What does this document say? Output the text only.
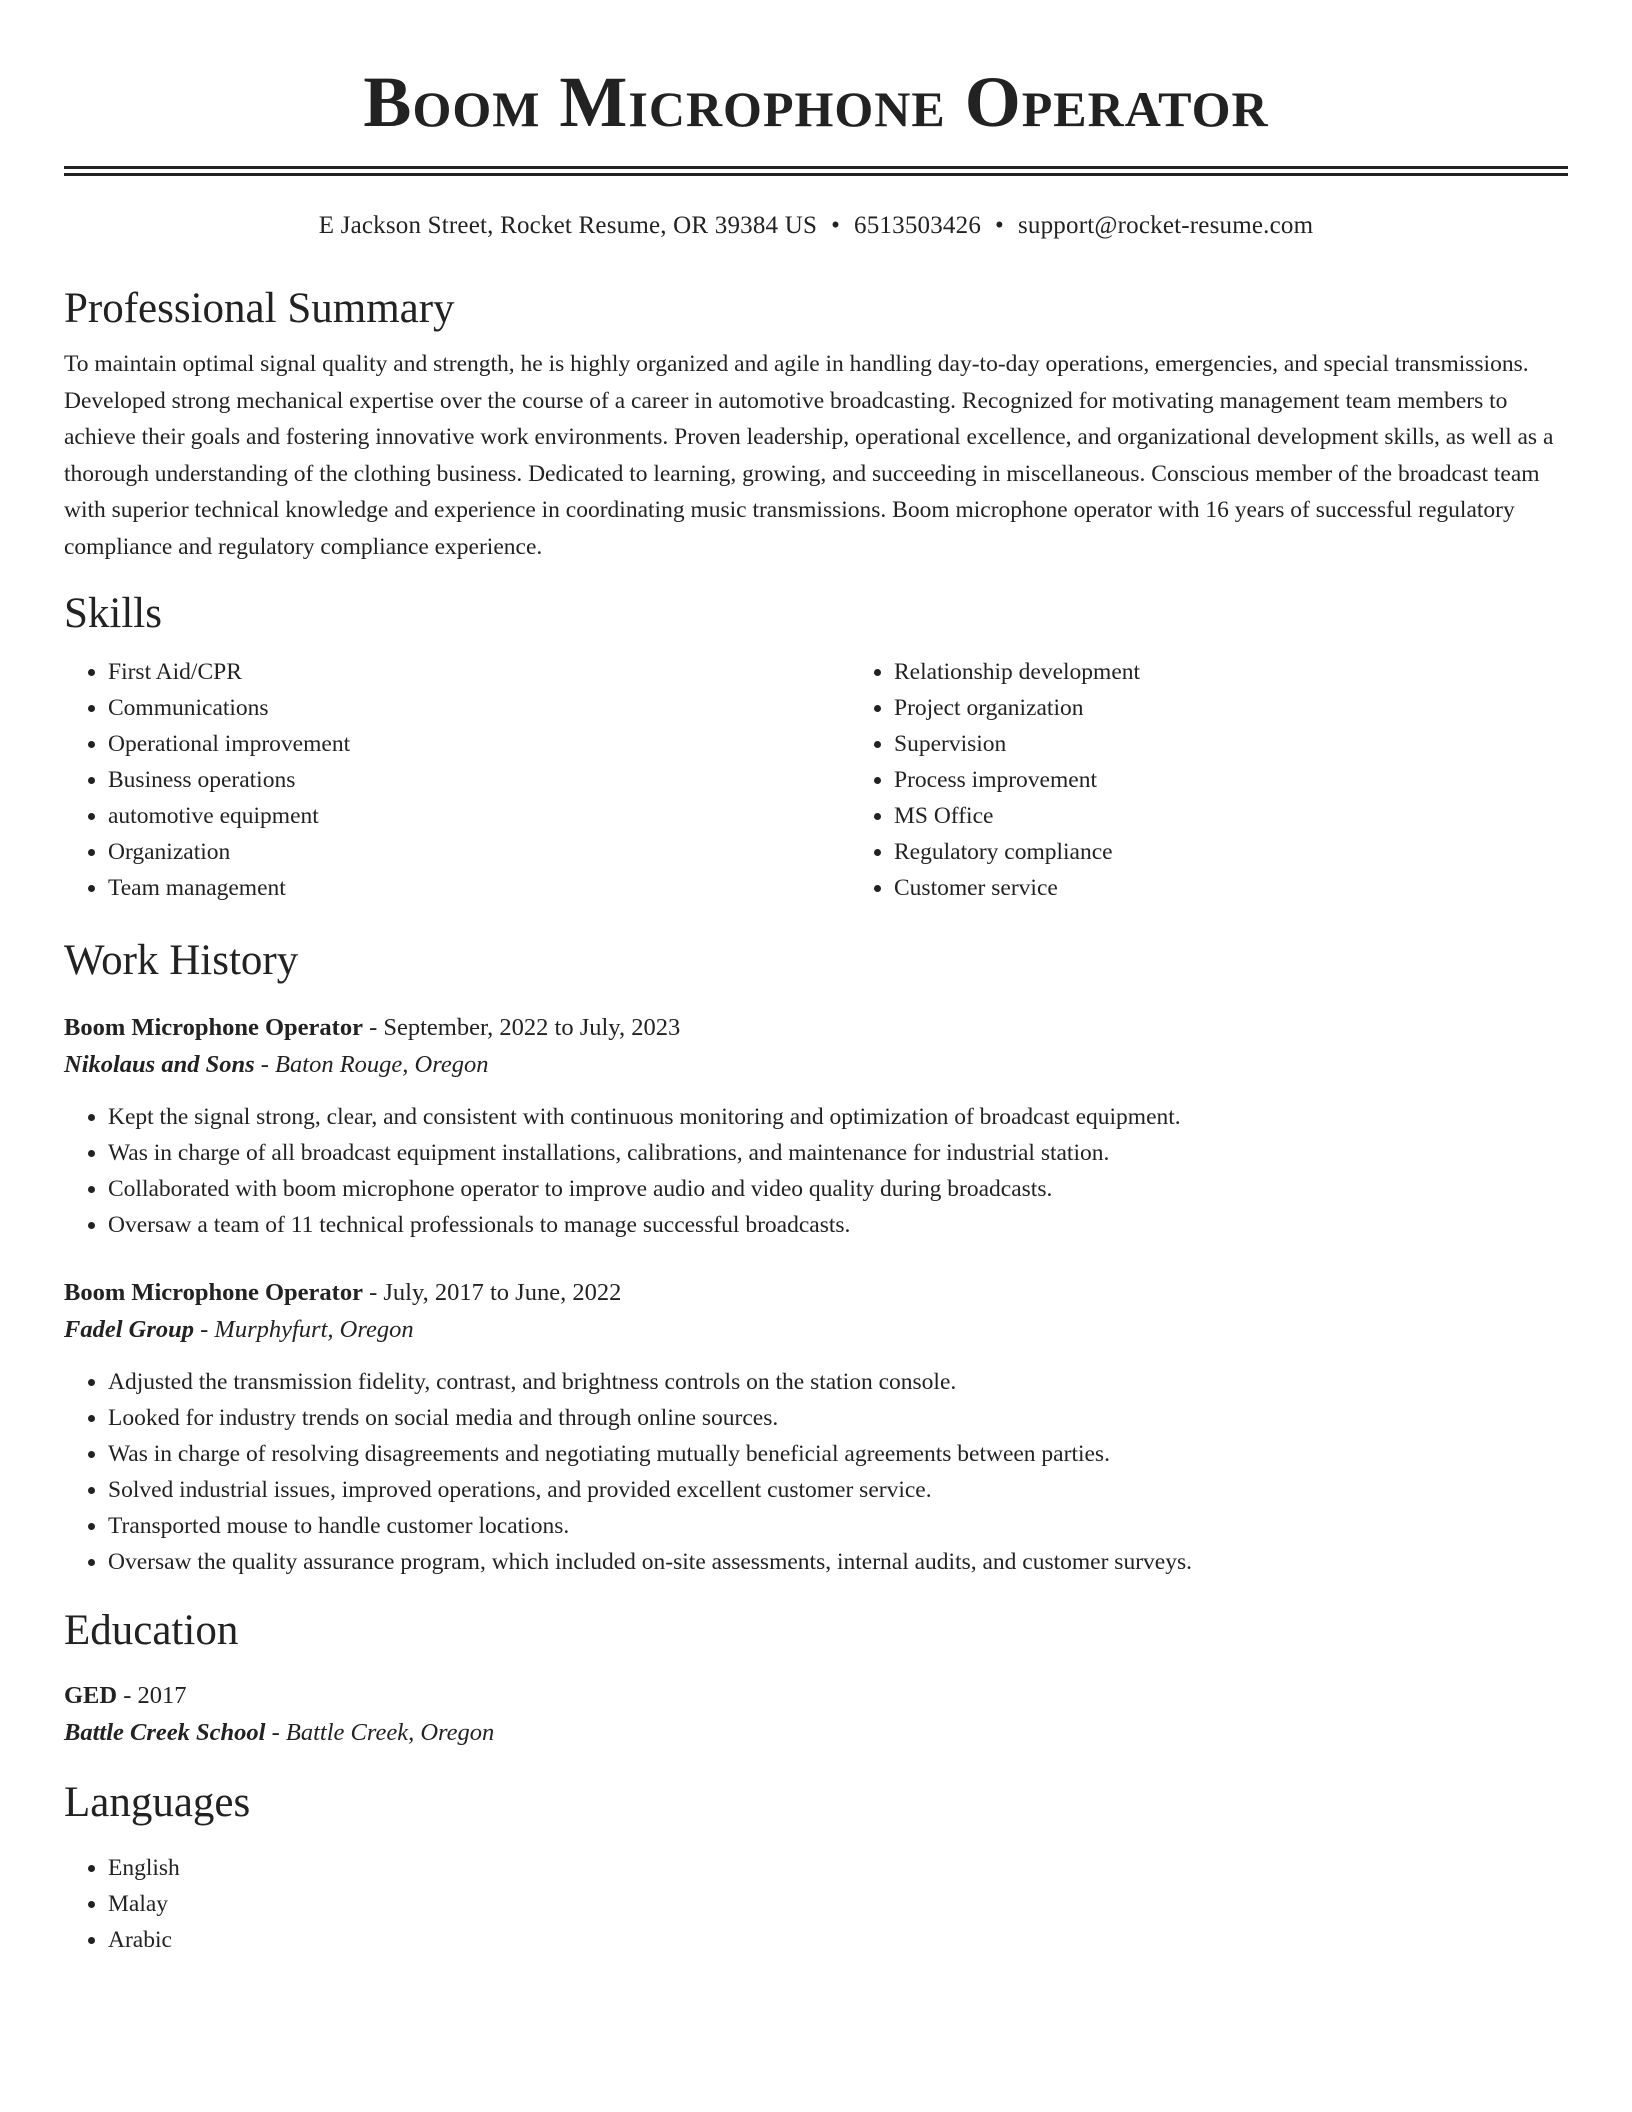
Boom Microphone Operator
E Jackson Street, Rocket Resume, OR 39384 US • 6513503426 • support@rocket-resume.com
Professional Summary
To maintain optimal signal quality and strength, he is highly organized and agile in handling day-to-day operations, emergencies, and special transmissions. Developed strong mechanical expertise over the course of a career in automotive broadcasting. Recognized for motivating management team members to achieve their goals and fostering innovative work environments. Proven leadership, operational excellence, and organizational development skills, as well as a thorough understanding of the clothing business. Dedicated to learning, growing, and succeeding in miscellaneous. Conscious member of the broadcast team with superior technical knowledge and experience in coordinating music transmissions. Boom microphone operator with 16 years of successful regulatory compliance and regulatory compliance experience.
Skills
• First Aid/CPR
• Communications
• Operational improvement
• Business operations
• automotive equipment
• Organization
• Team management
• Relationship development
• Project organization
• Supervision
• Process improvement
• MS Office
• Regulatory compliance
• Customer service
Work History
Boom Microphone Operator - September, 2022 to July, 2023
Nikolaus and Sons - Baton Rouge, Oregon
• Kept the signal strong, clear, and consistent with continuous monitoring and optimization of broadcast equipment.
• Was in charge of all broadcast equipment installations, calibrations, and maintenance for industrial station.
• Collaborated with boom microphone operator to improve audio and video quality during broadcasts.
• Oversaw a team of 11 technical professionals to manage successful broadcasts.
Boom Microphone Operator - July, 2017 to June, 2022
Fadel Group - Murphyfurt, Oregon
• Adjusted the transmission fidelity, contrast, and brightness controls on the station console.
• Looked for industry trends on social media and through online sources.
• Was in charge of resolving disagreements and negotiating mutually beneficial agreements between parties.
• Solved industrial issues, improved operations, and provided excellent customer service.
• Transported mouse to handle customer locations.
• Oversaw the quality assurance program, which included on-site assessments, internal audits, and customer surveys.
Education
GED - 2017
Battle Creek School - Battle Creek, Oregon
Languages
• English
• Malay
• Arabic
